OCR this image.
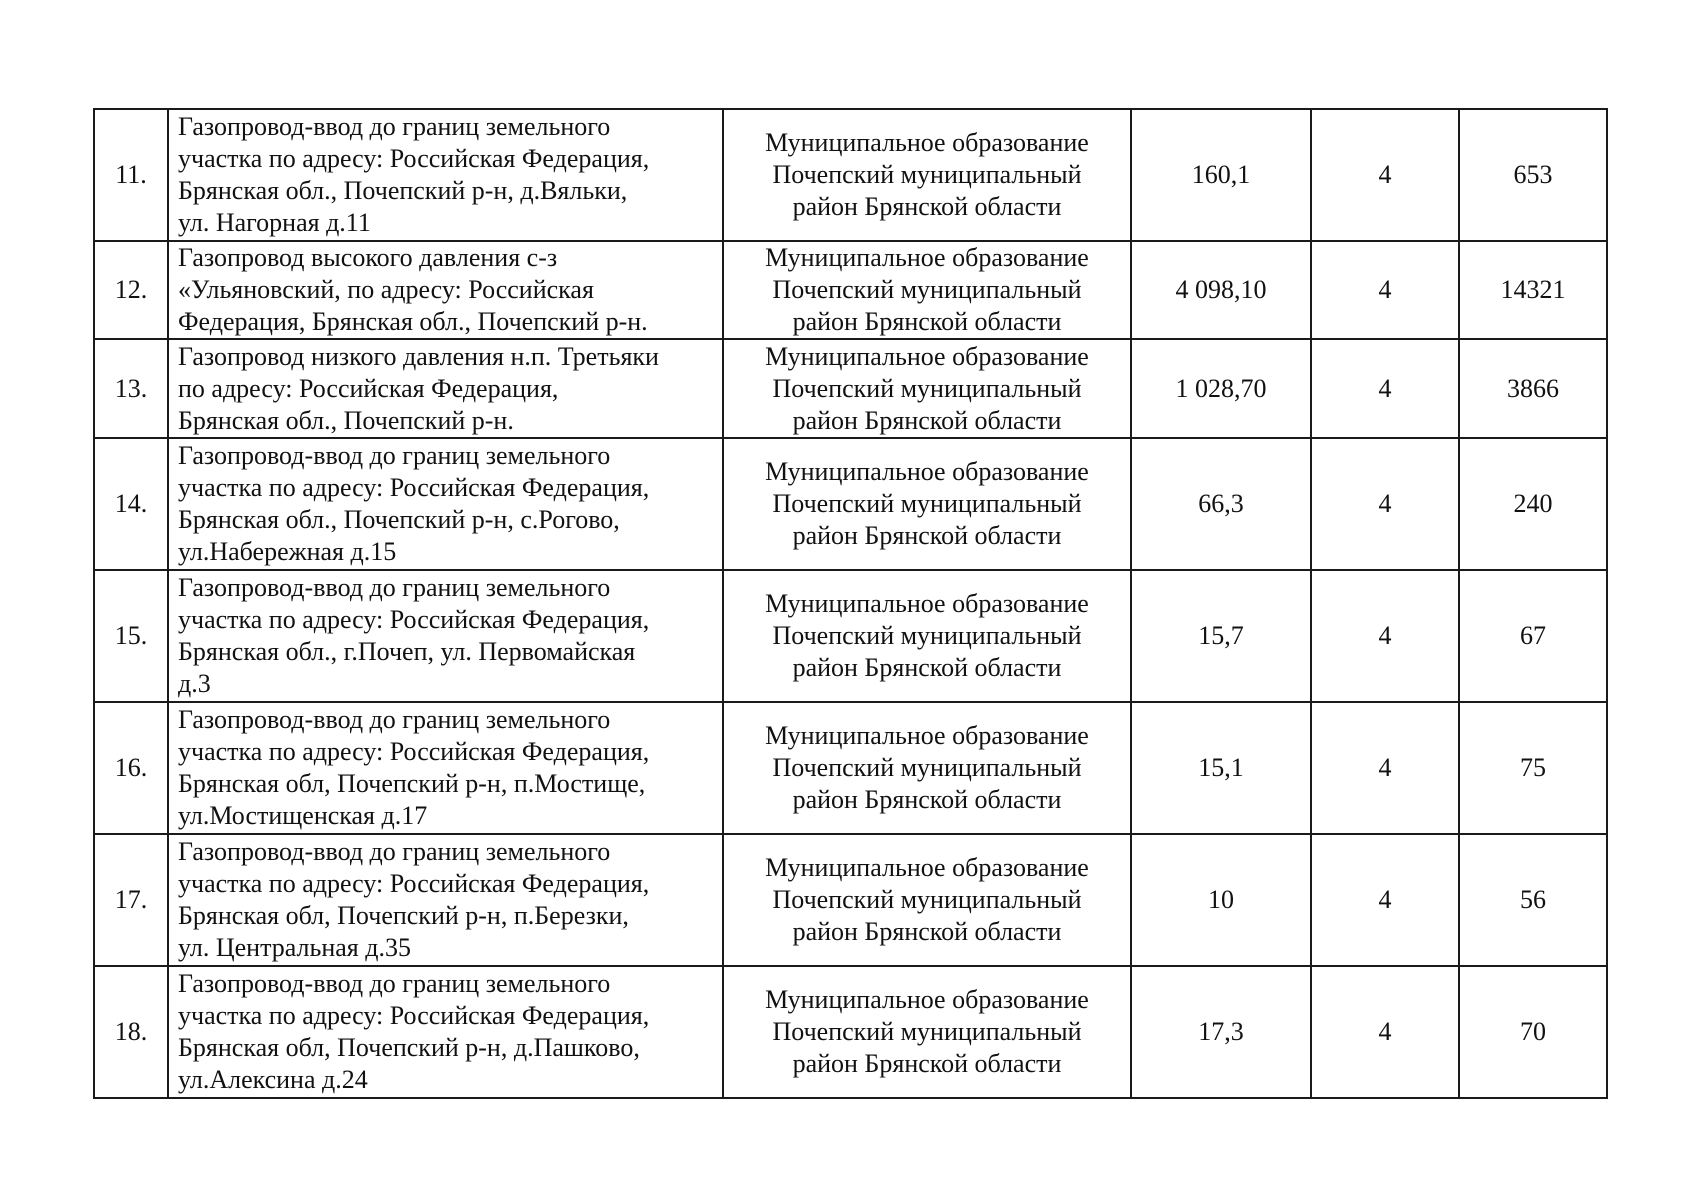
11.	Газопровод-ввод до границ земельного
участка по адресу: Российская Федерация,
Брянская обл., Почепский р-н, д.Вяльки,
ул. Нагорная д.11	Муниципальное образование
Почепский муниципальный
район Брянской области	160,1	4	653
12.	Газопровод высокого давления с-з
«Ульяновский, по адресу: Российская
Федерация, Брянская обл., Почепский р-н.	Муниципальное образование
Почепский муниципальный
район Брянской области	4 098,10	4	14321
13.	Газопровод низкого давления н.п. Третьяки
по адресу: Российская Федерация,
Брянская обл., Почепский р-н.	Муниципальное образование
Почепский муниципальный
район Брянской области	1 028,70	4	3866
14.	Газопровод-ввод до границ земельного
участка по адресу: Российская Федерация,
Брянская обл., Почепский р-н, с.Рогово,
ул.Набережная д.15	Муниципальное образование
Почепский муниципальный
район Брянской области	66,3	4	240
15.	Газопровод-ввод до границ земельного
участка по адресу: Российская Федерация,
Брянская обл., г.Почеп, ул. Первомайская
д.3	Муниципальное образование
Почепский муниципальный
район Брянской области	15,7	4	67
16.	Газопровод-ввод до границ земельного
участка по адресу: Российская Федерация,
Брянская обл, Почепский р-н, п.Мостище,
ул.Мостищенская д.17	Муниципальное образование
Почепский муниципальный
район Брянской области	15,1	4	75
17.	Газопровод-ввод до границ земельного
участка по адресу: Российская Федерация,
Брянская обл, Почепский р-н, п.Березки,
ул. Центральная д.35	Муниципальное образование
Почепский муниципальный
район Брянской области	10	4	56
18.	Газопровод-ввод до границ земельного
участка по адресу: Российская Федерация,
Брянская обл, Почепский р-н, д.Пашково,
ул.Алексина д.24	Муниципальное образование
Почепский муниципальный
район Брянской области	17,3	4	70
